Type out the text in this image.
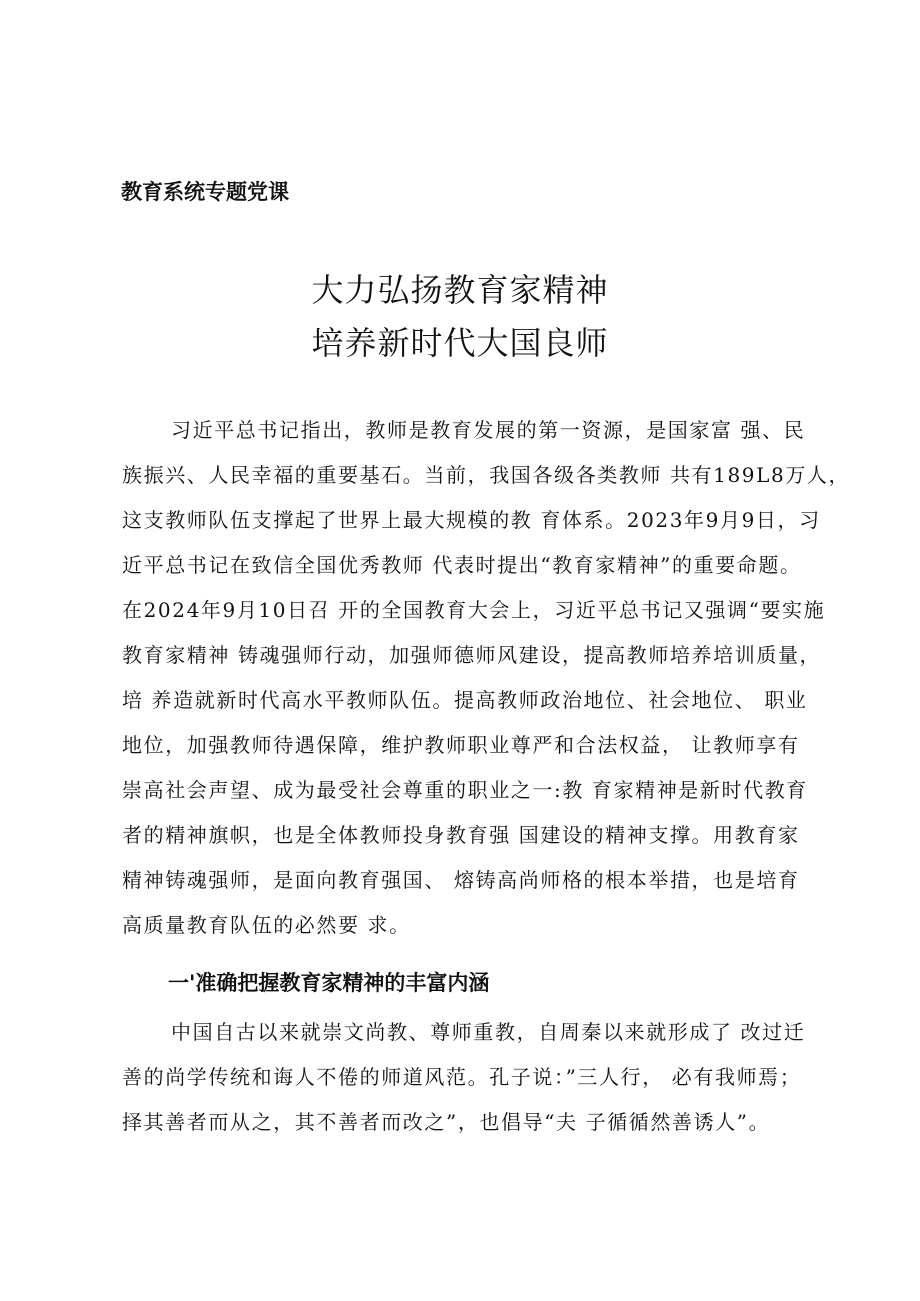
教育系统专题党课
大力弘扬教育家精神
培养新时代大国良师
习近平总书记指出，教师是教育发展的第一资源，是国家富 强、民
族振兴、人民幸福的重要基石。当前，我国各级各类教师 共有189L8万人，
这支教师队伍支撑起了世界上最大规模的教 育体系。2023年9月9日，习
近平总书记在致信全国优秀教师 代表时提出“教育家精神”的重要命题。
在2024年9月10日召 开的全国教育大会上，习近平总书记又强调“要实施
教育家精神 铸魂强师行动，加强师德师风建设，提高教师培养培训质量，
培 养造就新时代高水平教师队伍。提高教师政治地位、社会地位、 职业
地位，加强教师待遇保障，维护教师职业尊严和合法权益， 让教师享有
崇高社会声望、成为最受社会尊重的职业之一:教 育家精神是新时代教育
者的精神旗帜，也是全体教师投身教育强 国建设的精神支撑。用教育家
精神铸魂强师，是面向教育强国、 熔铸高尚师格的根本举措，也是培育
高质量教育队伍的必然要 求。
一'准确把握教育家精神的丰富内涵
中国自古以来就崇文尚教、尊师重教，自周秦以来就形成了 改过迁
善的尚学传统和诲人不倦的师道风范。孔子说：”三人行， 必有我师焉；
择其善者而从之，其不善者而改之”，也倡导“夫 子循循然善诱人”。
